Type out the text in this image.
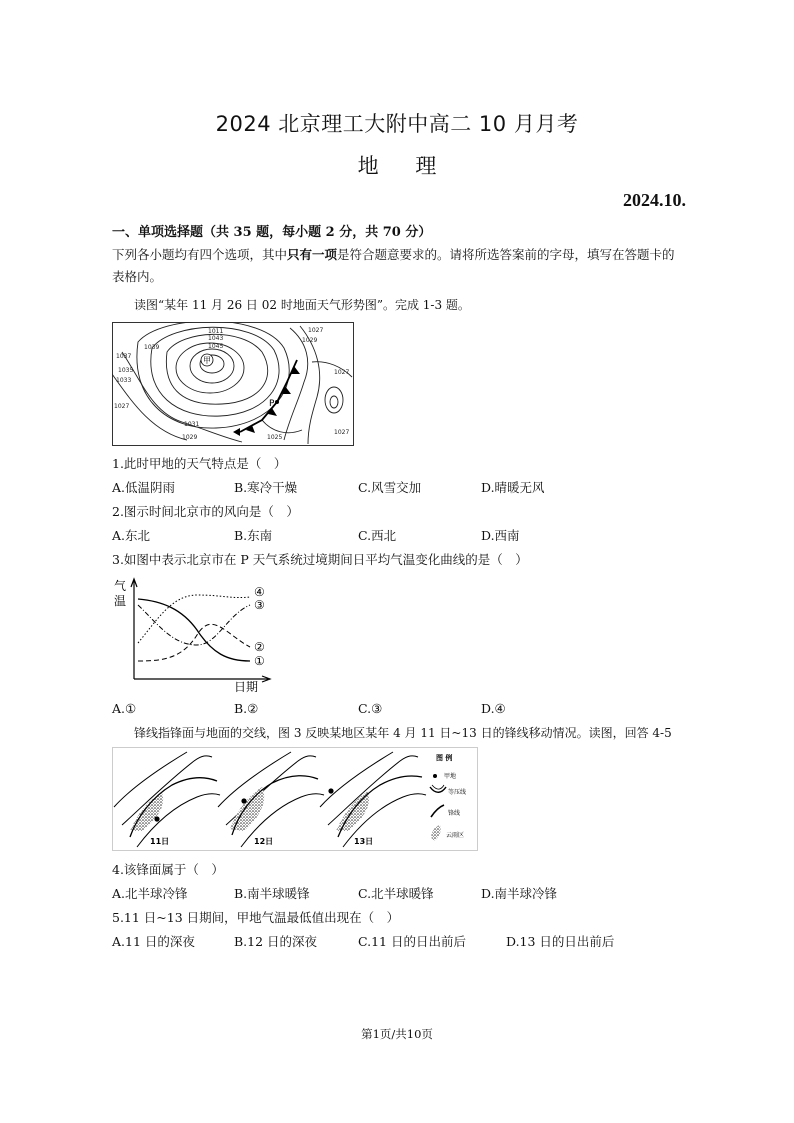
2024 北京理工大附中高二 10 月月考
地 理
2024.10.
一、单项选择题（共 35 题，每小题 2 分，共 70 分）
下列各小题均有四个选项，其中只有一项是符合题意要求的。请将所选答案前的字母，填写在答题卡的表格内。
读图“某年 11 月 26 日 02 时地面天气形势图”。完成 1-3 题。
甲
P
1011
1043
1045
1039
1037
1035
1033
1027
1029
1031
1025
1027
1029
1027
1027
1.此时甲地的天气特点是（　）
A.低温阴雨	B.寒冷干燥	C.风雪交加	D.晴暖无风
2.图示时间北京市的风向是（　）
A.东北	B.东南	C.西北	D.西南
3.如图中表示北京市在 P 天气系统过境期间日平均气温变化曲线的是（　）
气
温
日期
④
③
②
①
A.①	B.②	C.③	D.④
锋线指锋面与地面的交线，图 3 反映某地区某年 4 月 11 日~13 日的锋线移动情况。读图，回答 4-5
11日	12日	13日
图 例
甲地
等压线
锋线
云雨区
4.该锋面属于（　）
A.北半球冷锋	B.南半球暖锋	C.北半球暖锋	D.南半球冷锋
5.11 日~13 日期间，甲地气温最低值出现在（　）
A.11 日的深夜	B.12 日的深夜	C.11 日的日出前后	D.13 日的日出前后
第1页/共10页
